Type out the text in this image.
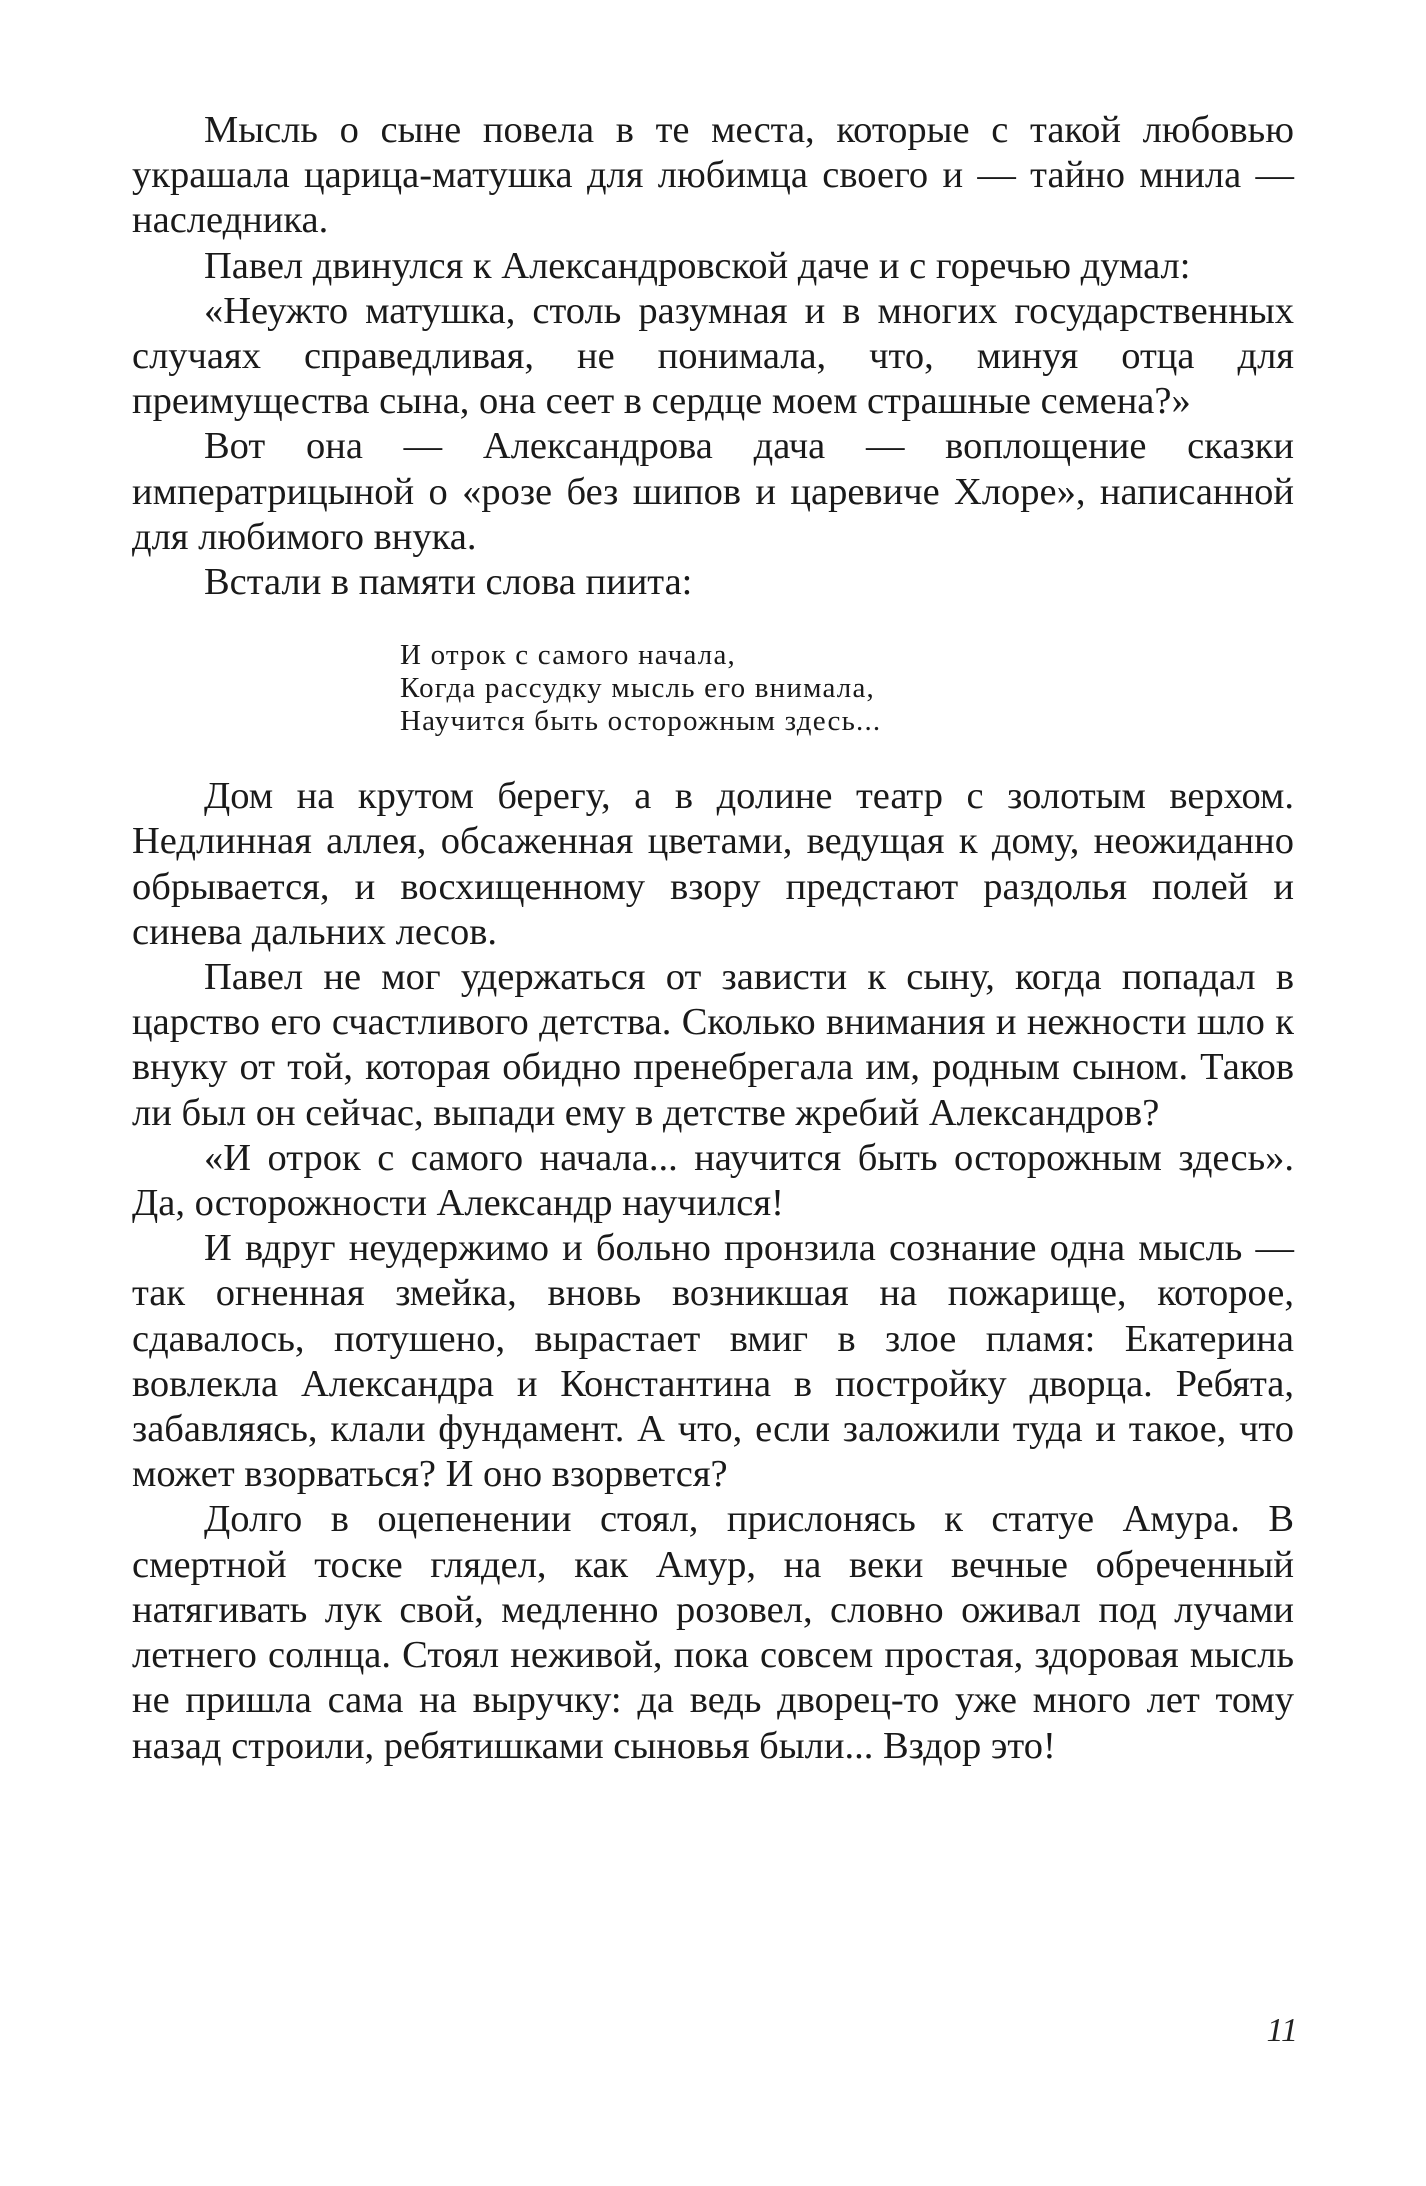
Мысль о сыне повела в те места, которые с такой любовью украшала царица-матушка для любимца своего и — тайно мнила — наследника.

Павел двинулся к Александровской даче и с горечью думал:

«Неужто матушка, столь разумная и в многих государственных случаях справедливая, не понимала, что, минуя отца для преимущества сына, она сеет в сердце моем страшные семена?»

Вот она — Александрова дача — воплощение сказки императрицыной о «розе без шипов и царевиче Хлоре», написанной для любимого внука.

Встали в памяти слова пиита:

И отрок с самого начала,
Когда рассудку мысль его внимала,
Научится быть осторожным здесь...

Дом на крутом берегу, а в долине театр с золотым верхом. Недлинная аллея, обсаженная цветами, ведущая к дому, неожиданно обрывается, и восхищенному взору предстают раздолья полей и синева дальних лесов.

Павел не мог удержаться от зависти к сыну, когда попадал в царство его счастливого детства. Сколько внимания и нежности шло к внуку от той, которая обидно пренебрегала им, родным сыном. Таков ли был он сейчас, выпади ему в детстве жребий Александров?

«И отрок с самого начала... научится быть осторожным здесь». Да, осторожности Александр научился!

И вдруг неудержимо и больно пронзила сознание одна мысль — так огненная змейка, вновь возникшая на пожарище, которое, сдавалось, потушено, вырастает вмиг в злое пламя: Екатерина вовлекла Александра и Константина в постройку дворца. Ребята, забавляясь, клали фундамент. А что, если заложили туда и такое, что может взорваться? И оно взорвется?

Долго в оцепенении стоял, прислонясь к статуе Амура. В смертной тоске глядел, как Амур, на веки вечные обреченный натягивать лук свой, медленно розовел, словно оживал под лучами летнего солнца. Стоял неживой, пока совсем простая, здоровая мысль не пришла сама на выручку: да ведь дворец-то уже много лет тому назад строили, ребятишками сыновья были... Вздор это!

11
